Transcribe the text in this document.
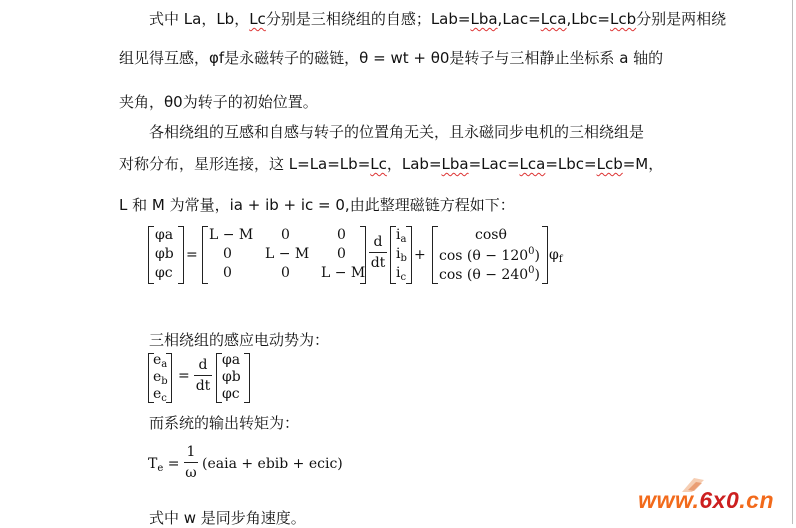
式中 La，Lb，Lc分别是三相绕组的自感；Lab=Lba,Lac=Lca,Lbc=Lcb分别是两相绕
组见得互感，φf是永磁转子的磁链，θ = wt + θ0是转子与三相静止坐标系 a 轴的
夹角，θ0为转子的初始位置。
各相绕组的互感和自感与转子的位置角无关，且永磁同步电机的三相绕组是
对称分布，星形连接，这 L=La=Lb=Lc，Lab=Lba=Lac=Lca=Lbc=Lcb=M，
L 和 M 为常量，ia + ib + ic = 0,由此整理磁链方程如下：
φa
φb
φc
=
L − M 0	0
0 L − M 0
0	0 L − M
d
dt
$i_a$
$i_b$
$i_c$
+
cosθ
$\cos (\theta - 120^0)$
$\cos (\theta - 240^0)$
$\varphi_f$
三相绕组的感应电动势为：
$e_a$
$e_b$
$e_c$
=
d
dt
φa
φb
φc
而系统的输出转矩为：
$T_e$ =
1
ω
(eaia + ebib + ecic)
式中 w 是同步角速度。
www.6x0.cn
